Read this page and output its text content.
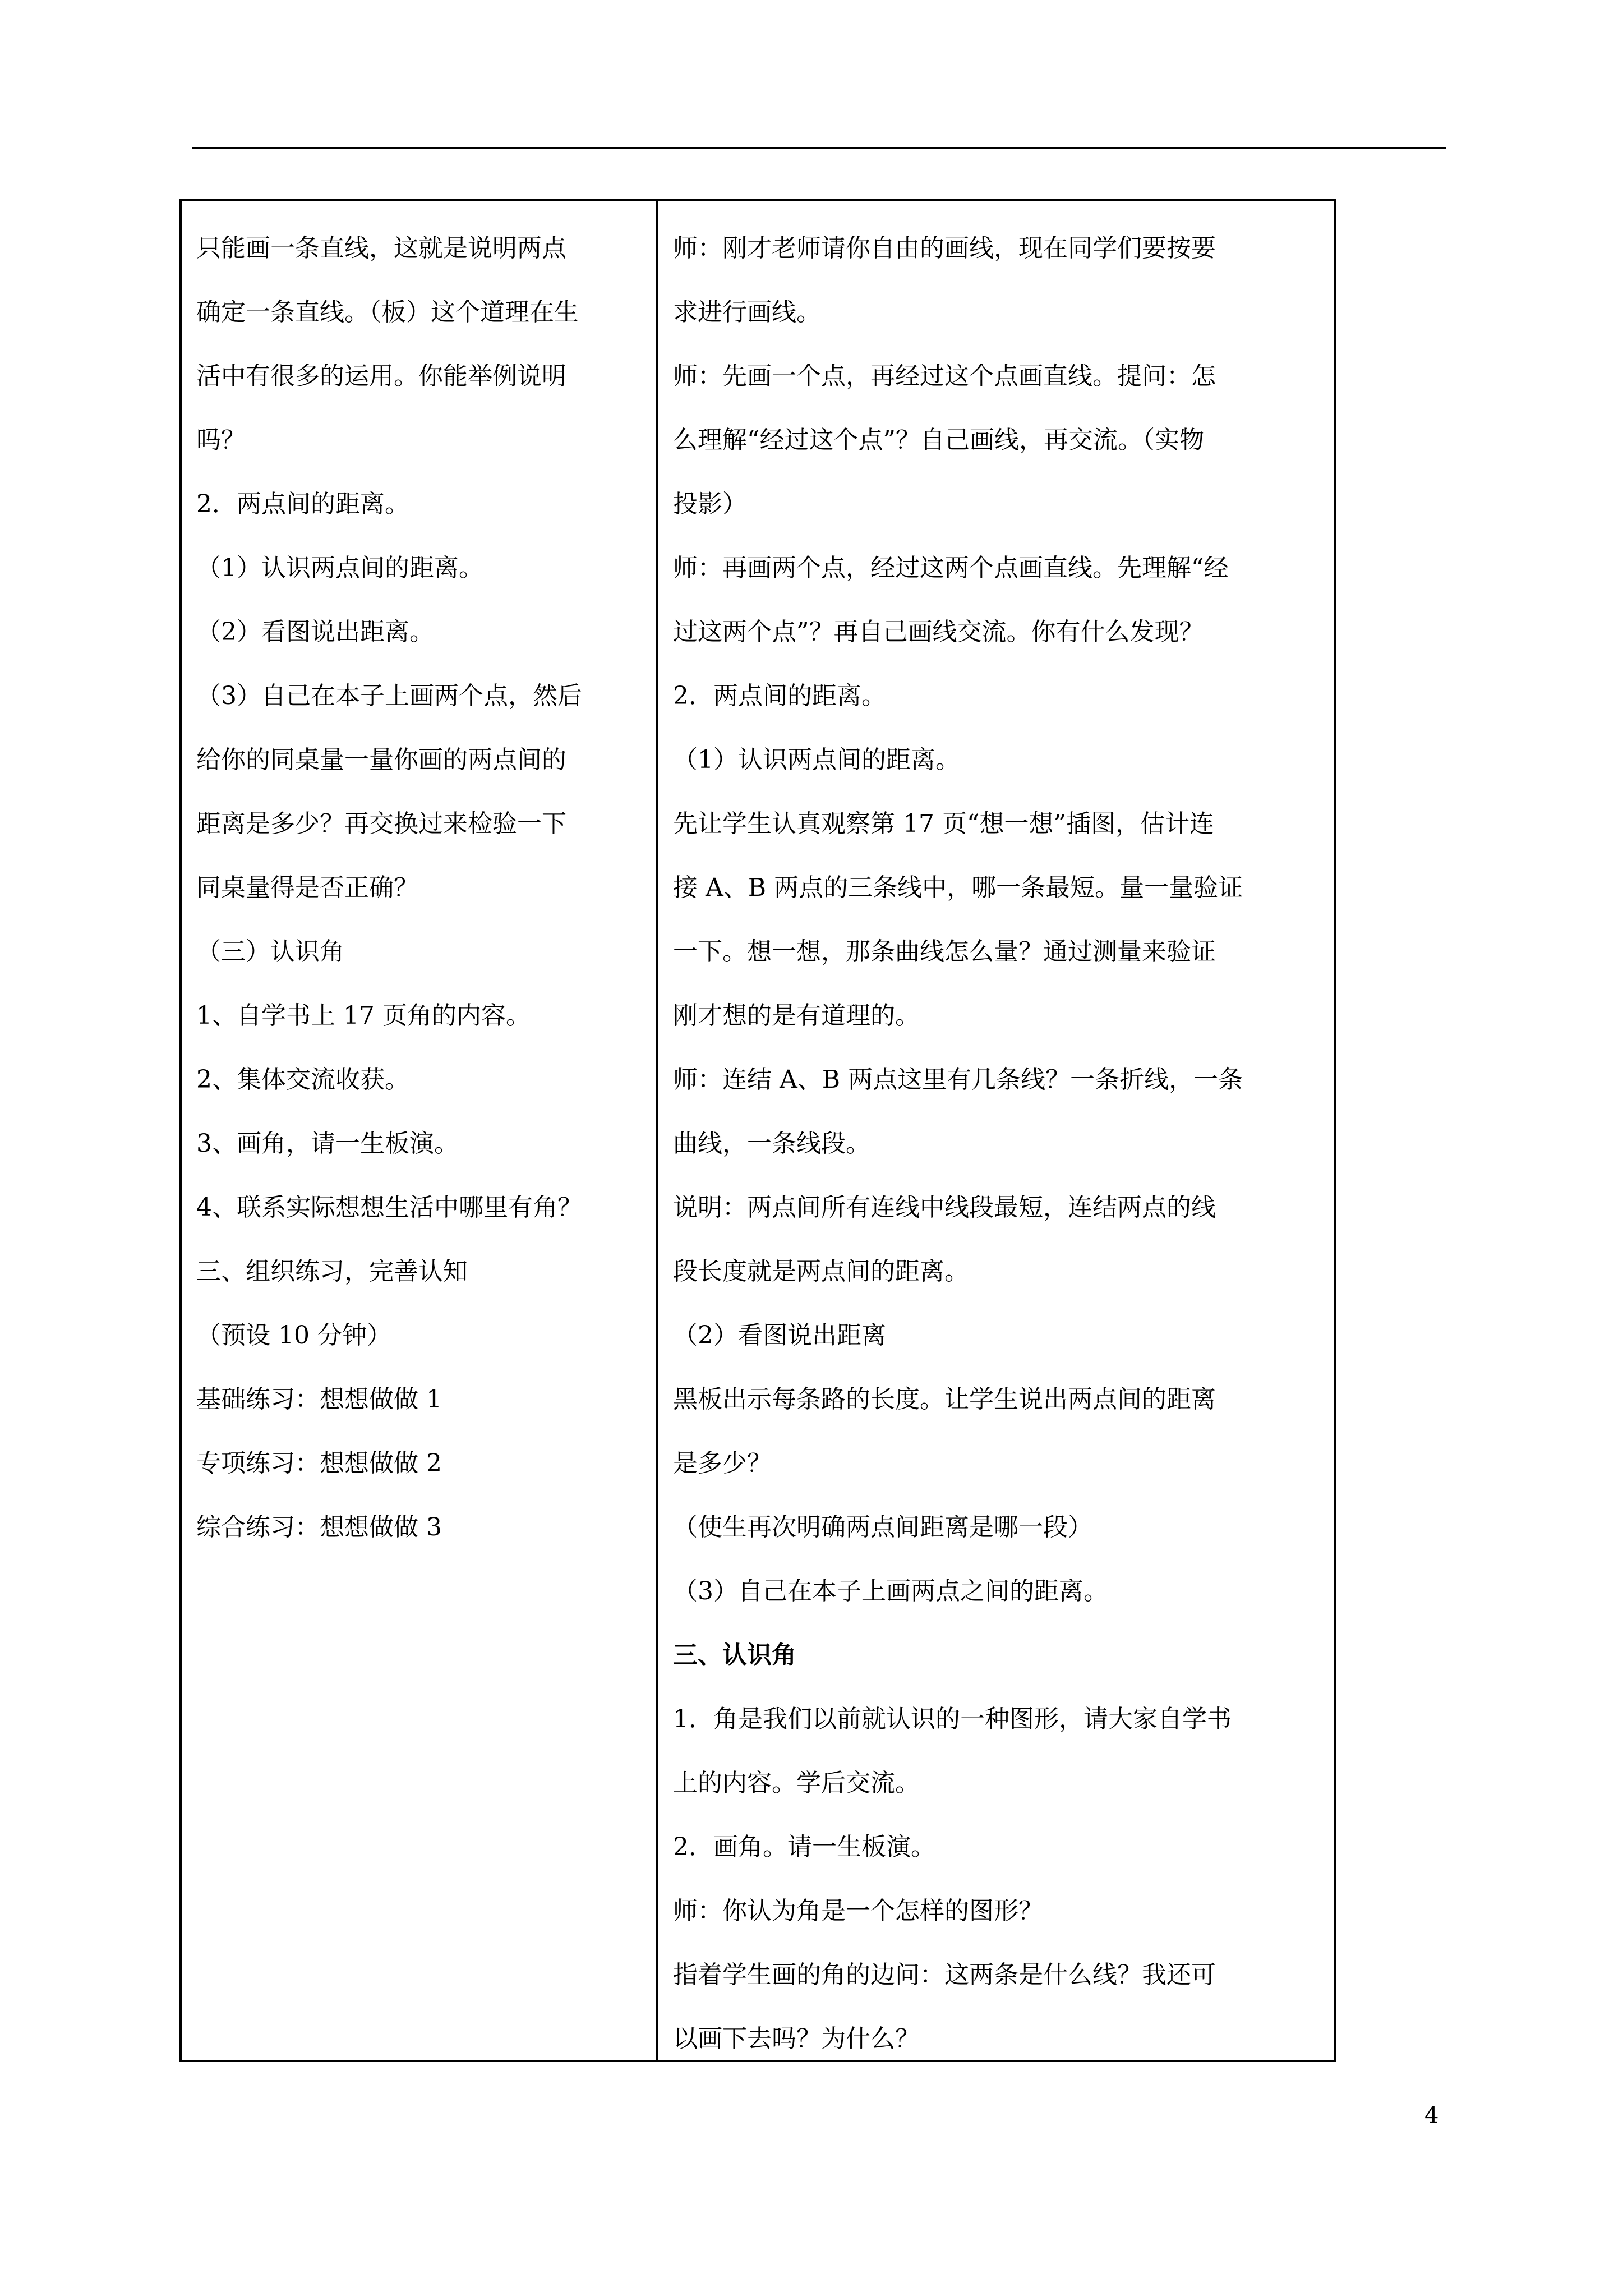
只能画一条直线，这就是说明两点
确定一条直线。（板）这个道理在生
活中有很多的运用。你能举例说明
吗？
2．两点间的距离。
（1）认识两点间的距离。
（2）看图说出距离。
（3）自己在本子上画两个点，然后
给你的同桌量一量你画的两点间的
距离是多少？再交换过来检验一下
同桌量得是否正确？
（三）认识角
1、自学书上 17 页角的内容。
2、集体交流收获。
3、画角，请一生板演。
4、联系实际想想生活中哪里有角？
三、组织练习，完善认知
（预设 10 分钟）
基础练习：想想做做 1
专项练习：想想做做 2
综合练习：想想做做 3
师：刚才老师请你自由的画线，现在同学们要按要
求进行画线。
师：先画一个点，再经过这个点画直线。提问：怎
么理解“经过这个点”？自己画线，再交流。（实物
投影）
师：再画两个点，经过这两个点画直线。先理解“经
过这两个点”？再自己画线交流。你有什么发现？
2．两点间的距离。
（1）认识两点间的距离。
先让学生认真观察第 17 页“想一想”插图，估计连
接 A、B 两点的三条线中，哪一条最短。量一量验证
一下。想一想，那条曲线怎么量？通过测量来验证
刚才想的是有道理的。
师：连结 A、B 两点这里有几条线？一条折线，一条
曲线，一条线段。
说明：两点间所有连线中线段最短，连结两点的线
段长度就是两点间的距离。
（2）看图说出距离
黑板出示每条路的长度。让学生说出两点间的距离
是多少？
（使生再次明确两点间距离是哪一段）
（3）自己在本子上画两点之间的距离。
三、认识角
1．角是我们以前就认识的一种图形，请大家自学书
上的内容。学后交流。
2．画角。请一生板演。
师：你认为角是一个怎样的图形？
指着学生画的角的边问：这两条是什么线？我还可
以画下去吗？为什么？
4
